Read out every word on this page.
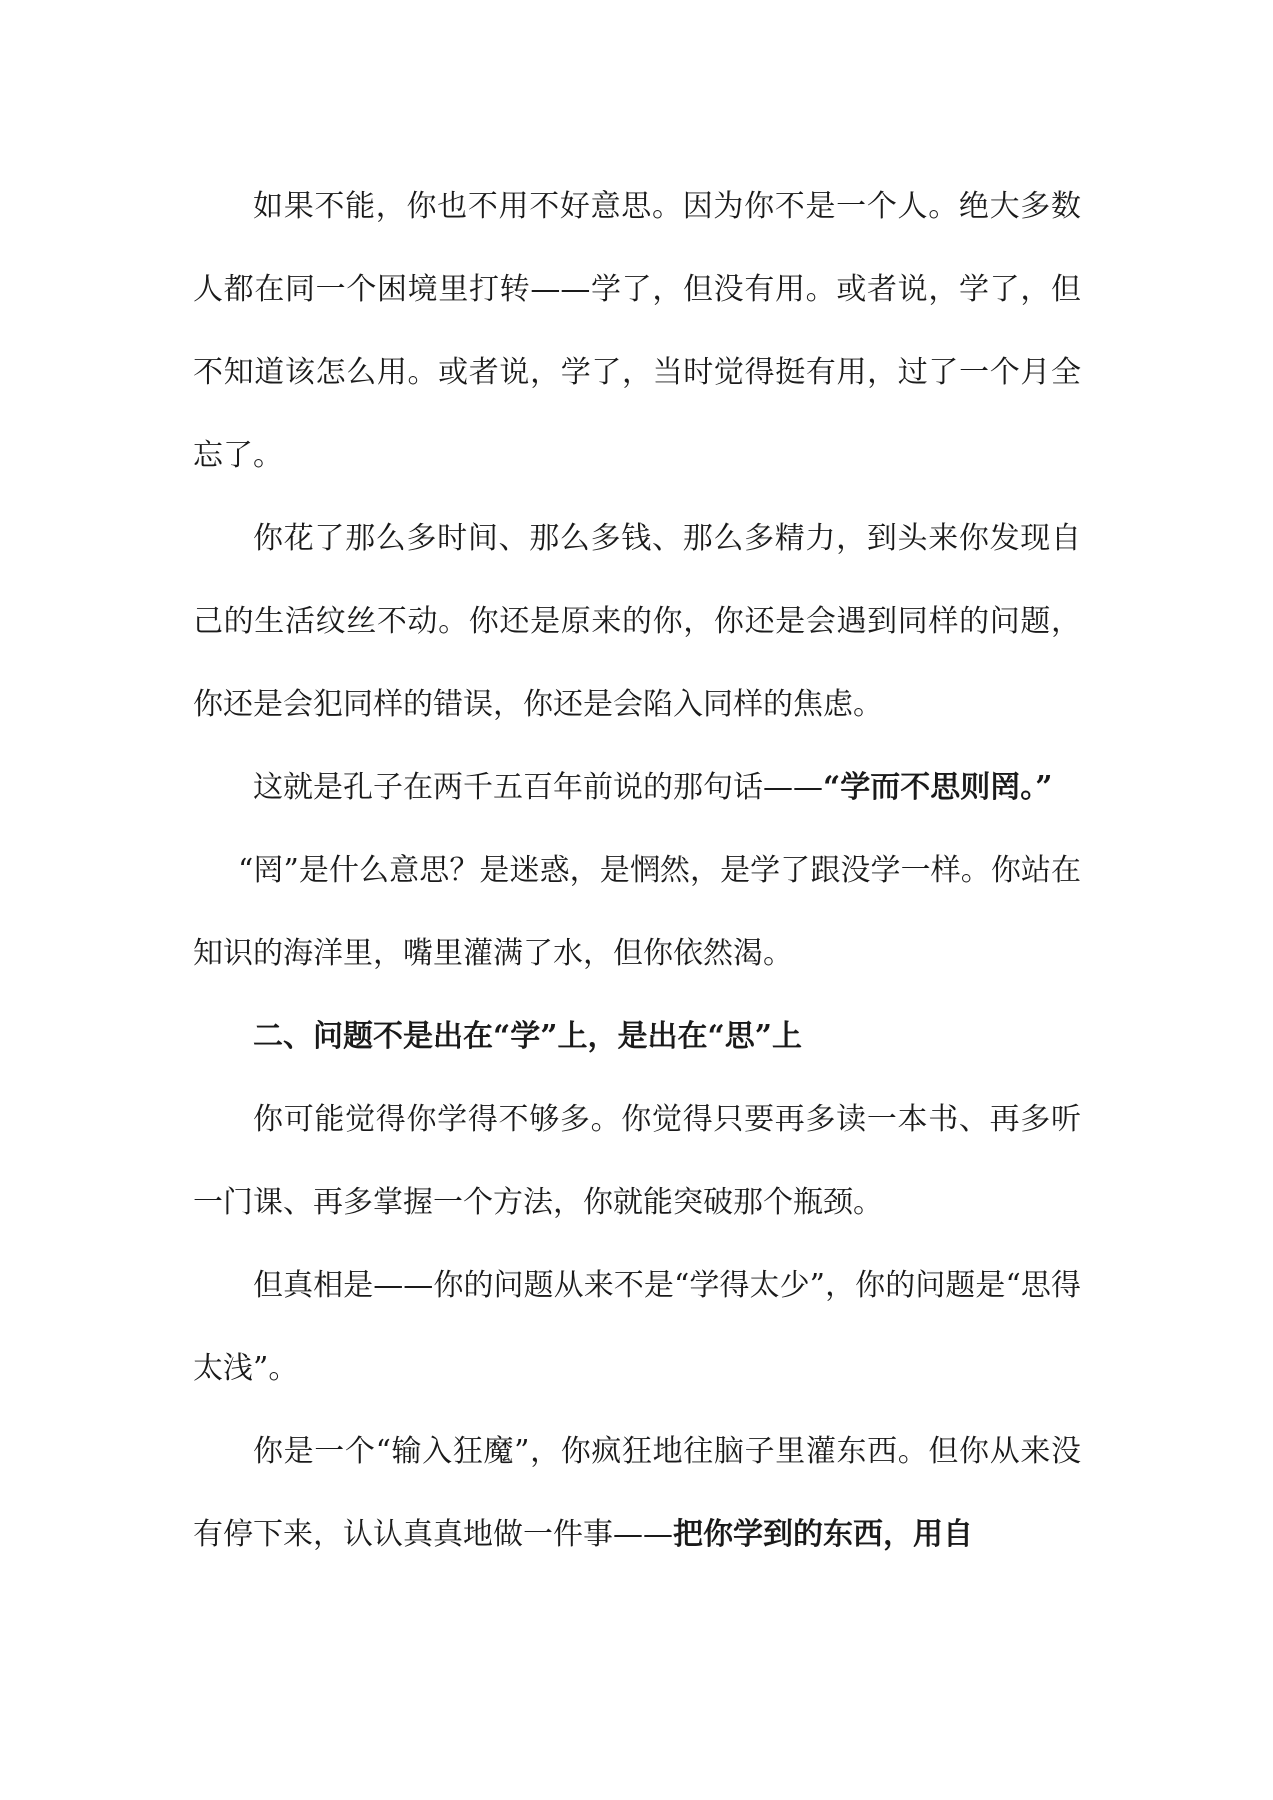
如果不能，你也不用不好意思。因为你不是一个人。绝大多数人都在同一个困境里打转——学了，但没有用。或者说，学了，但不知道该怎么用。或者说，学了，当时觉得挺有用，过了一个月全忘了。

你花了那么多时间、那么多钱、那么多精力，到头来你发现自己的生活纹丝不动。你还是原来的你，你还是会遇到同样的问题，你还是会犯同样的错误，你还是会陷入同样的焦虑。

这就是孔子在两千五百年前说的那句话——“学而不思则罔。”

“罔”是什么意思？是迷惑，是惘然，是学了跟没学一样。你站在知识的海洋里，嘴里灌满了水，但你依然渴。

二、问题不是出在“学”上，是出在“思”上

你可能觉得你学得不够多。你觉得只要再多读一本书、再多听一门课、再多掌握一个方法，你就能突破那个瓶颈。

但真相是——你的问题从来不是“学得太少”，你的问题是“思得太浅”。

你是一个“输入狂魔”，你疯狂地往脑子里灌东西。但你从来没有停下来，认认真真地做一件事——把你学到的东西，用自
